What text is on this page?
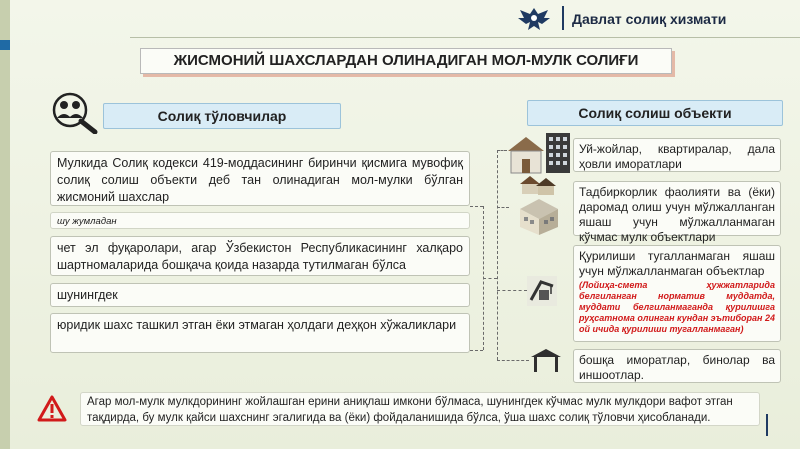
Давлат солиқ хизмати
ЖИСМОНИЙ ШАХСЛАРДАН ОЛИНАДИГАН МОЛ-МУЛК СОЛИҒИ
Солиқ тўловчилар
Мулкида Солиқ кодекси 419-моддасининг биринчи қисмига мувофиқ солиқ солиш объекти деб тан олинадиган мол-мулки бўлган жисмоний шахслар
шу жумладан
чет эл фуқаролари, агар Ўзбекистон Республикасининг халқаро шартномаларида бошқача қоида назарда тутилмаган бўлса
шунингдек
юридик шахс ташкил этган ёки этмаган ҳолдаги деҳқон хўжаликлари
Солиқ солиш объекти
Уй-жойлар, квартиралар, дала ҳовли иморатлари
Тадбиркорлик фаолияти ва (ёки) даромад олиш учун мўлжалланган яшаш учун мўлжалланмаган кўчмас мулк объектлари
Қурилиши тугалланмаган яшаш учун мўлжалланмаган объектлар
(Лойиҳа-смета ҳужжатларида белгиланган норматив муддатда, муддати белгиланмаганда қурилишга руҳсатнома олинган кундан эътиборан 24 ой ичида қурилиши тугалланмаган)
бошқа иморатлар, бинолар ва иншоотлар.
Агар мол-мулк мулкдорининг жойлашган ерини аниқлаш имкони бўлмаса, шунингдек кўчмас мулк мулкдори вафот этган тақдирда, бу мулк қайси шахснинг эгалигида ва (ёки) фойдаланишида бўлса, ўша шахс солиқ тўловчи ҳисобланади.
